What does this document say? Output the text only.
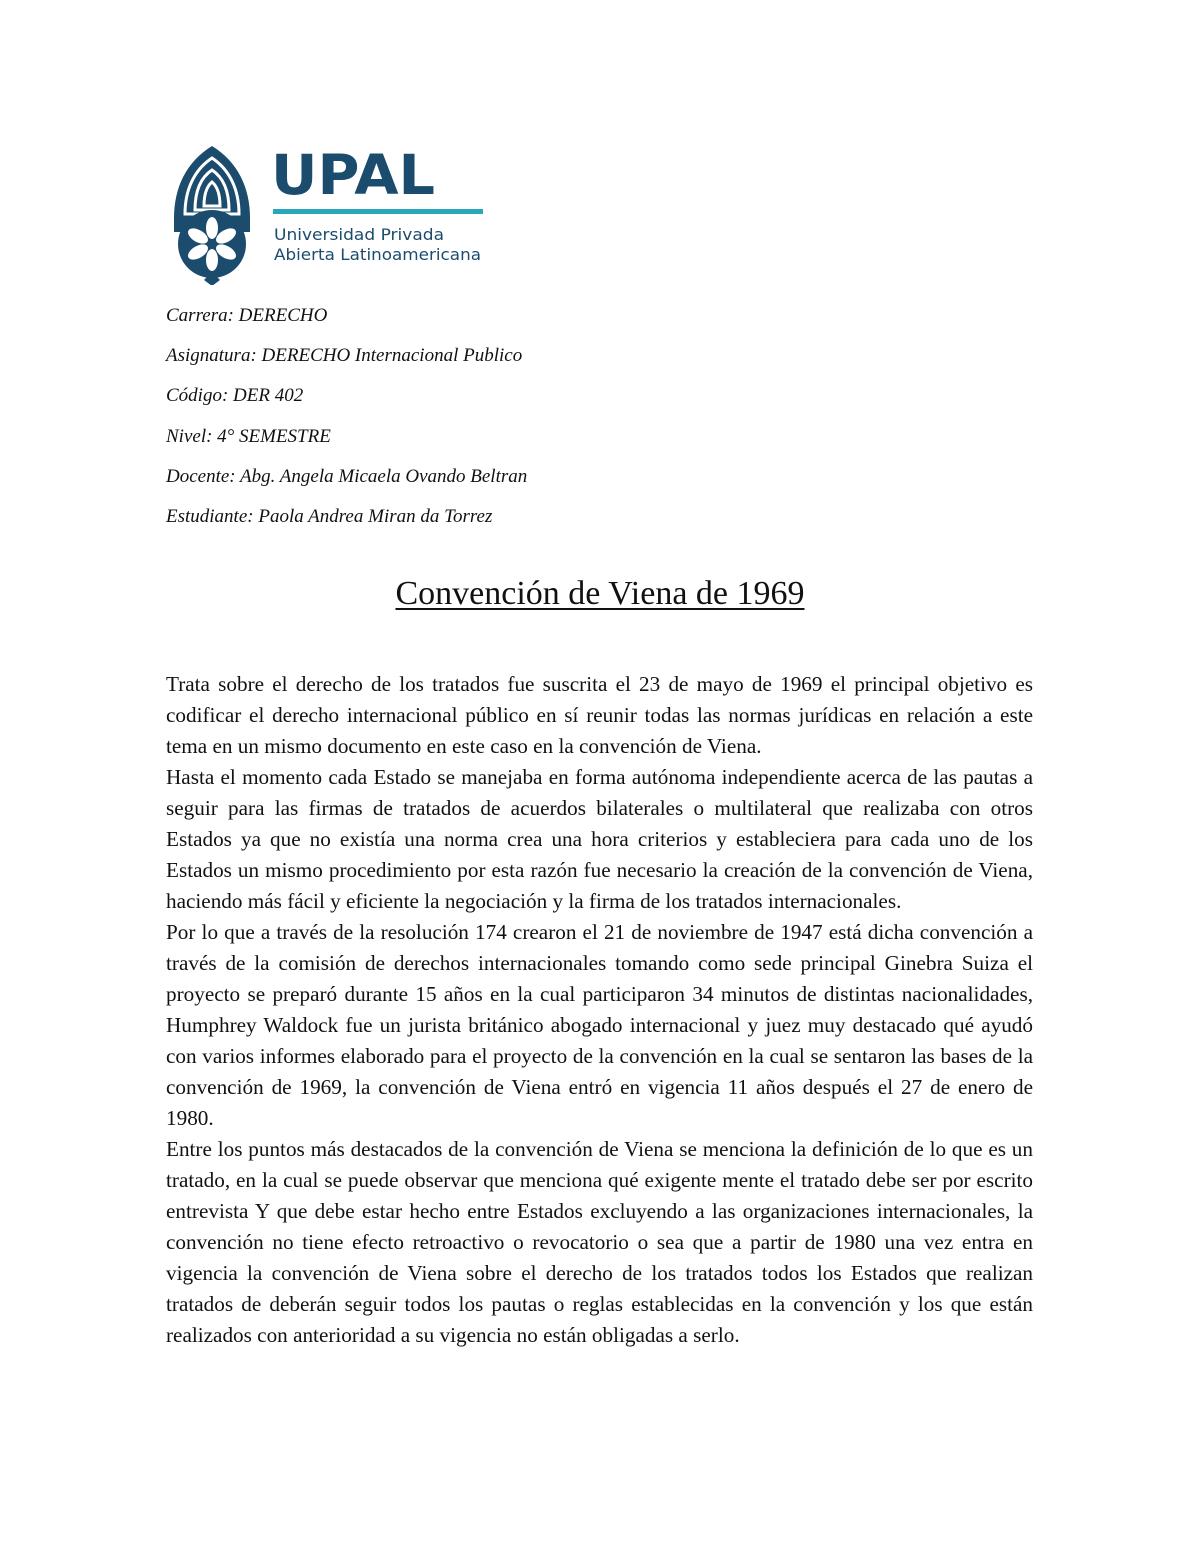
UPAL
Universidad Privada
Abierta Latinoamericana
Carrera: DERECHO
Asignatura: DERECHO Internacional Publico
Código: DER 402
Nivel: 4° SEMESTRE
Docente: Abg. Angela Micaela Ovando Beltran
Estudiante: Paola Andrea Miran da Torrez
Convención de Viena de 1969

Trata sobre el derecho de los tratados fue suscrita el 23 de mayo de 1969 el principal objetivo es codificar el derecho internacional público en sí reunir todas las normas jurídicas en relación a este tema en un mismo documento en este caso en la convención de Viena.

Hasta el momento cada Estado se manejaba en forma autónoma independiente acerca de las pautas a seguir para las firmas de tratados de acuerdos bilaterales o multilateral que realizaba con otros Estados ya que no existía una norma crea una hora criterios y estableciera para cada uno de los Estados un mismo procedimiento por esta razón fue necesario la creación de la convención de Viena, haciendo más fácil y eficiente la negociación y la firma de los tratados internacionales.

Por lo que a través de la resolución 174 crearon el 21 de noviembre de 1947 está dicha convención a través de la comisión de derechos internacionales tomando como sede principal Ginebra Suiza el proyecto se preparó durante 15 años en la cual participaron 34 minutos de distintas nacionalidades, Humphrey Waldock fue un jurista británico abogado internacional y juez muy destacado qué ayudó con varios informes elaborado para el proyecto de la convención en la cual se sentaron las bases de la convención de 1969, la convención de Viena entró en vigencia 11 años después el 27 de enero de 1980.

Entre los puntos más destacados de la convención de Viena se menciona la definición de lo que es un tratado, en la cual se puede observar que menciona qué exigente mente el tratado debe ser por escrito entrevista Y que debe estar hecho entre Estados excluyendo a las organizaciones internacionales, la convención no tiene efecto retroactivo o revocatorio o sea que a partir de 1980 una vez entra en vigencia la convención de Viena sobre el derecho de los tratados todos los Estados que realizan tratados de deberán seguir todos los pautas o reglas establecidas en la convención y los que están realizados con anterioridad a su vigencia no están obligadas a serlo.
